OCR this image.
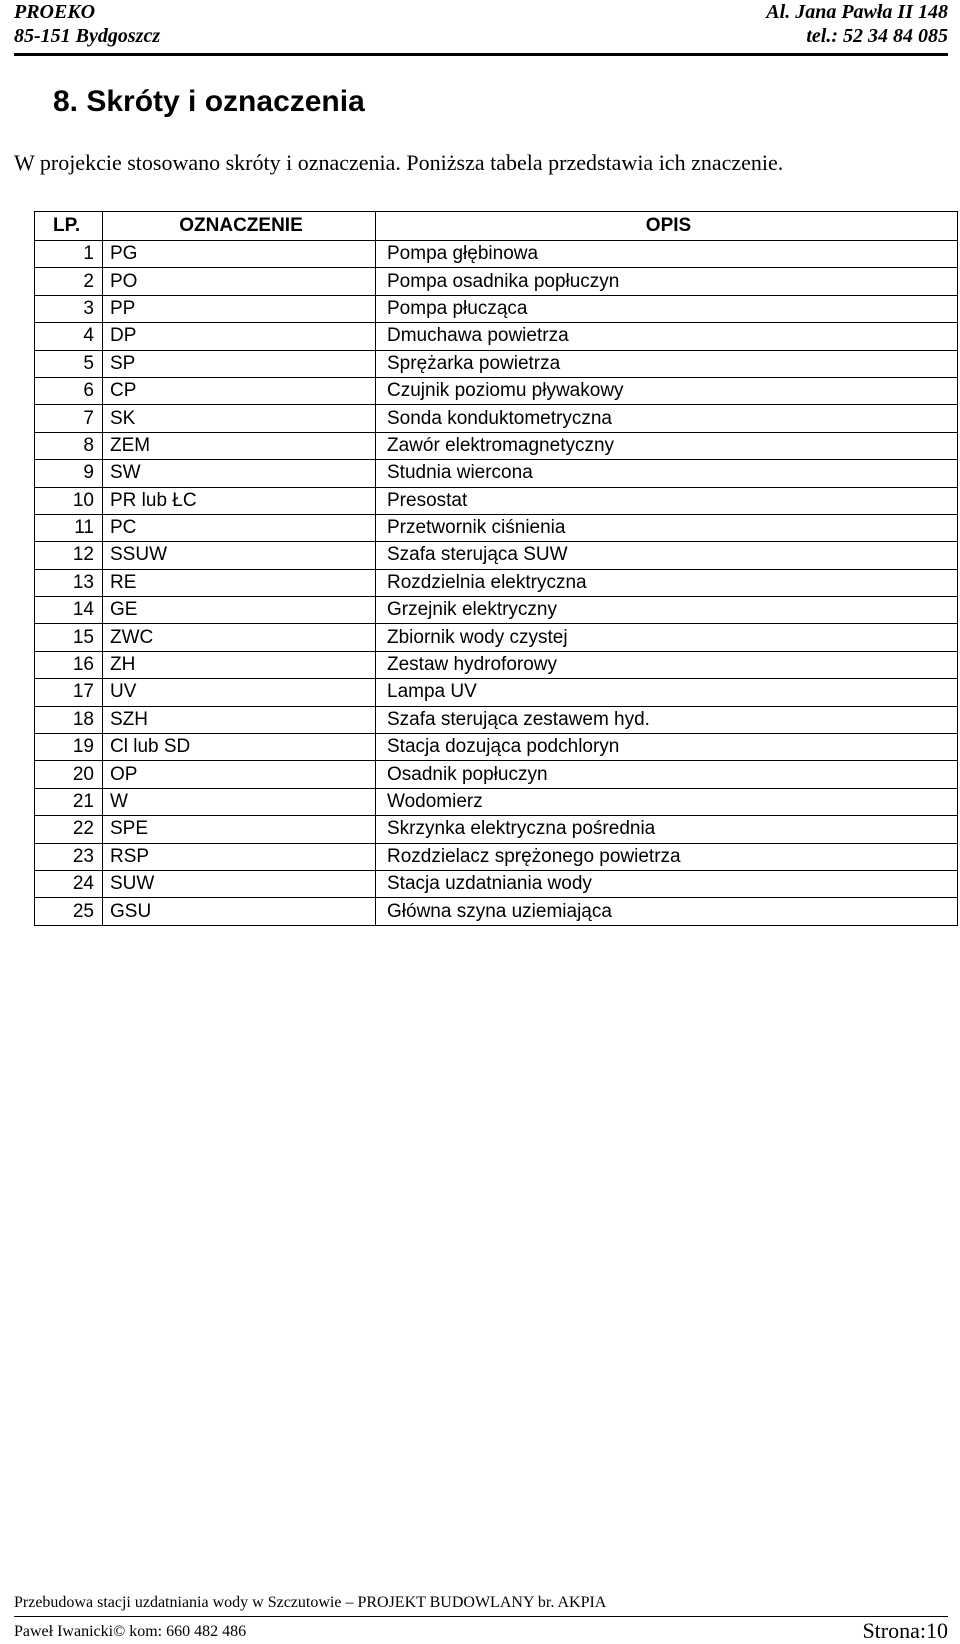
PROEKO
85-151 Bydgoszcz
Al. Jana Pawła II 148
tel.: 52 34 84 085
8. Skróty i oznaczenia

W projekcie stosowano skróty i oznaczenia. Poniższa tabela przedstawia ich znaczenie.

LP.	OZNACZENIE	OPIS
1	PG	Pompa głębinowa
2	PO	Pompa osadnika popłuczyn
3	PP	Pompa płucząca
4	DP	Dmuchawa powietrza
5	SP	Sprężarka powietrza
6	CP	Czujnik poziomu pływakowy
7	SK	Sonda konduktometryczna
8	ZEM	Zawór elektromagnetyczny
9	SW	Studnia wiercona
10	PR lub ŁC	Presostat
11	PC	Przetwornik ciśnienia
12	SSUW	Szafa sterująca SUW
13	RE	Rozdzielnia elektryczna
14	GE	Grzejnik elektryczny
15	ZWC	Zbiornik wody czystej
16	ZH	Zestaw hydroforowy
17	UV	Lampa UV
18	SZH	Szafa sterująca zestawem hyd.
19	Cl lub SD	Stacja dozująca podchloryn
20	OP	Osadnik popłuczyn
21	W	Wodomierz
22	SPE	Skrzynka elektryczna pośrednia
23	RSP	Rozdzielacz sprężonego powietrza
24	SUW	Stacja uzdatniania wody
25	GSU	Główna szyna uziemiająca
Przebudowa stacji uzdatniania wody w Szczutowie – PROJEKT BUDOWLANY br. AKPIA
Paweł Iwanicki© kom: 660 482 486	Strona:10
